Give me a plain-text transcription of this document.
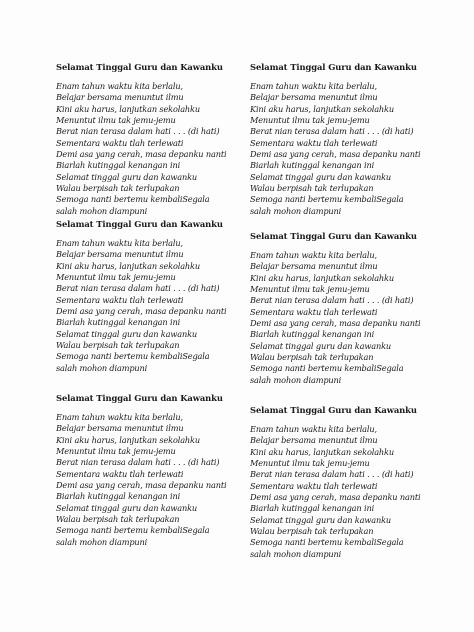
Selamat Tinggal Guru dan Kawanku
Enam tahun waktu kita berlalu,
Belajar bersama menuntut ilmu
Kini aku harus, lanjutkan sekolahku
Menuntut ilmu tak jemu-jemu
Berat nian terasa dalam hati . . . (di hati)
Sementara waktu tlah terlewati
Demi asa yang cerah, masa depanku nanti
Biarlah kutinggal kenangan ini
Selamat tinggal guru dan kawanku
Walau berpisah tak terlupakan
Semoga nanti bertemu kembaliSegala
salah mohon diampuni
Selamat Tinggal Guru dan Kawanku
Enam tahun waktu kita berlalu,
Belajar bersama menuntut ilmu
Kini aku harus, lanjutkan sekolahku
Menuntut ilmu tak jemu-jemu
Berat nian terasa dalam hati . . . (di hati)
Sementara waktu tlah terlewati
Demi asa yang cerah, masa depanku nanti
Biarlah kutinggal kenangan ini
Selamat tinggal guru dan kawanku
Walau berpisah tak terlupakan
Semoga nanti bertemu kembaliSegala
salah mohon diampuni
Selamat Tinggal Guru dan Kawanku
Enam tahun waktu kita berlalu,
Belajar bersama menuntut ilmu
Kini aku harus, lanjutkan sekolahku
Menuntut ilmu tak jemu-jemu
Berat nian terasa dalam hati . . . (di hati)
Sementara waktu tlah terlewati
Demi asa yang cerah, masa depanku nanti
Biarlah kutinggal kenangan ini
Selamat tinggal guru dan kawanku
Walau berpisah tak terlupakan
Semoga nanti bertemu kembaliSegala
salah mohon diampuni
Selamat Tinggal Guru dan Kawanku
Enam tahun waktu kita berlalu,
Belajar bersama menuntut ilmu
Kini aku harus, lanjutkan sekolahku
Menuntut ilmu tak jemu-jemu
Berat nian terasa dalam hati . . . (di hati)
Sementara waktu tlah terlewati
Demi asa yang cerah, masa depanku nanti
Biarlah kutinggal kenangan ini
Selamat tinggal guru dan kawanku
Walau berpisah tak terlupakan
Semoga nanti bertemu kembaliSegala
salah mohon diampuni
Selamat Tinggal Guru dan Kawanku
Enam tahun waktu kita berlalu,
Belajar bersama menuntut ilmu
Kini aku harus, lanjutkan sekolahku
Menuntut ilmu tak jemu-jemu
Berat nian terasa dalam hati . . . (di hati)
Sementara waktu tlah terlewati
Demi asa yang cerah, masa depanku nanti
Biarlah kutinggal kenangan ini
Selamat tinggal guru dan kawanku
Walau berpisah tak terlupakan
Semoga nanti bertemu kembaliSegala
salah mohon diampuni
Selamat Tinggal Guru dan Kawanku
Enam tahun waktu kita berlalu,
Belajar bersama menuntut ilmu
Kini aku harus, lanjutkan sekolahku
Menuntut ilmu tak jemu-jemu
Berat nian terasa dalam hati . . . (di hati)
Sementara waktu tlah terlewati
Demi asa yang cerah, masa depanku nanti
Biarlah kutinggal kenangan ini
Selamat tinggal guru dan kawanku
Walau berpisah tak terlupakan
Semoga nanti bertemu kembaliSegala
salah mohon diampuni
